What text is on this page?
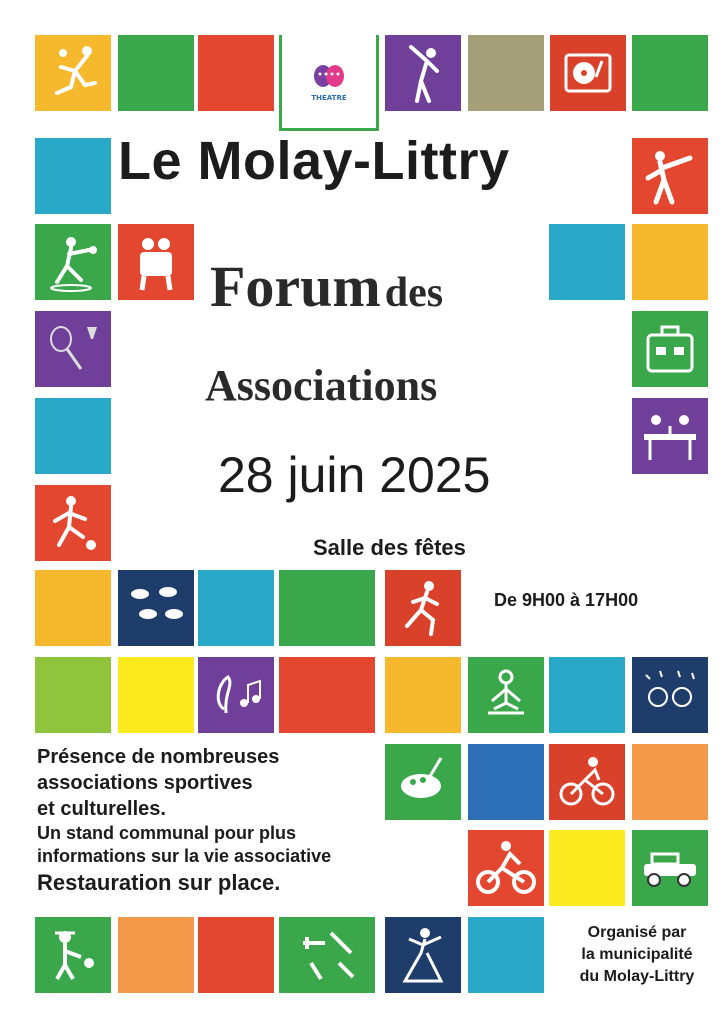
THEATRE
Le Molay-Littry
Forum des
Associations
28 juin 2025
Salle des fêtes
De 9H00 à 17H00
Présence de nombreuses
associations sportives
et culturelles.
Un stand communal pour plus
informations sur la vie associative
Restauration sur place.
Organisé par
la municipalité
du Molay-Littry
